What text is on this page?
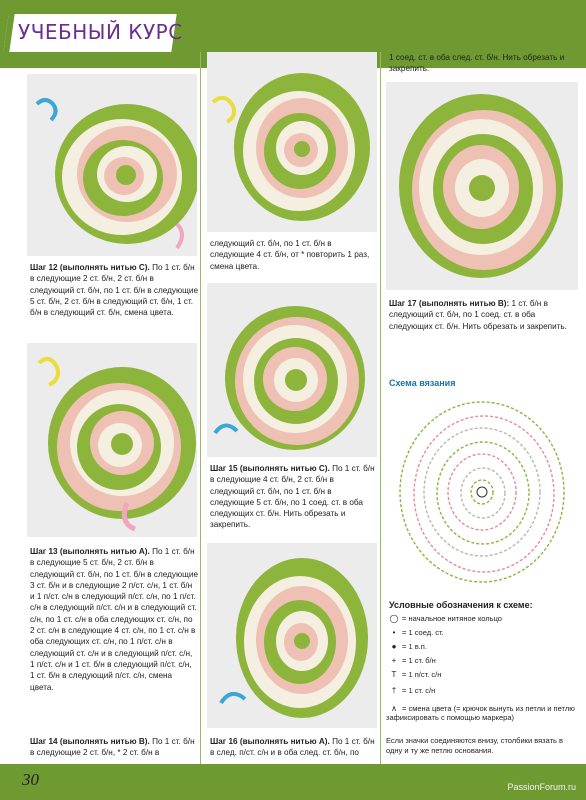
УЧЕБНЫЙ КУРС
Шаг 12 (выполнять нитью С). По 1 ст. б/н в следующие 2 ст. б/н, 2 ст. б/н в следующий ст. б/н, по 1 ст. б/н в следующие 5 ст. б/н, 2 ст. б/н в следующий ст. б/н, 1 ст. б/н в следующий ст. б/н, смена цвета.
Шаг 13 (выполнять нитью А). По 1 ст. б/н в следующие 5 ст. б/н, 2 ст. б/н в следующий ст. б/н, по 1 ст. б/н в следующие 3 ст. б/н и в следующие 2 п/ст. с/н, 1 ст. б/н и 1 п/ст. с/н в следующий п/ст. с/н, по 1 п/ст. с/н в следующий п/ст. с/н и в следующий ст. с/н, по 1 ст. с/н в оба следующих ст. с/н, по 2 ст. с/н в следующие 4 ст. с/н, по 1 ст. с/н в оба следующих ст. с/н, по 1 п/ст. с/н в следующий ст. с/н и в следующий п/ст. с/н, 1 п/ст. с/н и 1 ст. б/н в следующий п/ст. с/н, 1 ст. б/н в следующий п/ст. с/н, смена цвета.
Шаг 14 (выполнять нитью В). По 1 ст. б/н в следующие 2 ст. б/н, * 2 ст. б/н в
следующий ст. б/н, по 1 ст. б/н в следующие 4 ст. б/н, от * повторить 1 раз, смена цвета.
Шаг 15 (выполнять нитью С). По 1 ст. б/н в следующие 4 ст. б/н, 2 ст. б/н в следующий ст. б/н, по 1 ст. б/н в следующие 5 ст. б/н, по 1 соед. ст. в оба следующих ст. б/н. Нить обрезать и закрепить.
Шаг 16 (выполнять нитью А). По 1 ст. б/н в след. п/ст. с/н и в оба след. ст. б/н, по
1 соед. ст. в оба след. ст. б/н. Нить обрезать и закрепить.
Шаг 17 (выполнять нитью В): 1 ст. б/н в следующий ст. б/н, по 1 соед. ст. в оба следующих ст. б/н. Нить обрезать и закрепить.
Схема вязания
Условные обозначения к схеме:
◯ = начальное нитяное кольцо
• = 1 соед. ст.
● = 1 в.п.
+ = 1 ст. б/н
Т = 1 п/ст. с/н
† = 1 ст. с/н
∧ = смена цвета (= крючок вынуть из петли и петлю зафиксировать с помощью маркера)
Если значки соединяются внизу, столбики вязать в одну и ту же петлю основания.
30	PassionForum.ru
